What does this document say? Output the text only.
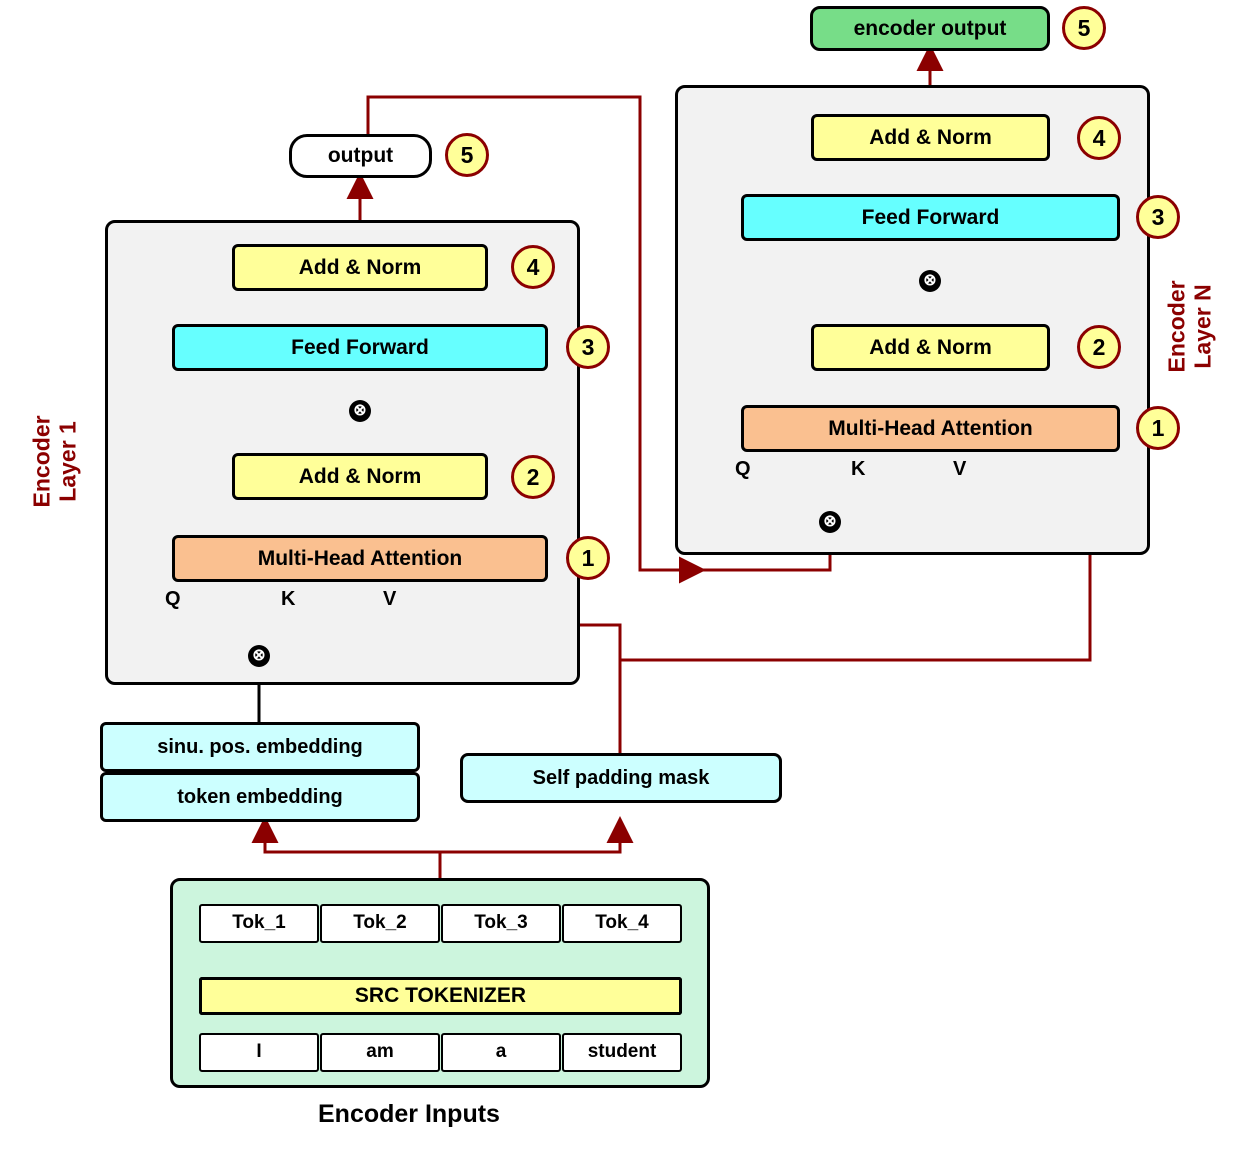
Encoder
Layer 1
output	5
Add & Norm	4
Feed Forward	3
⊗
Add & Norm	2
Multi-Head Attention	1
Q	K	V
⊗
Encoder
Layer N
encoder output	5
Add & Norm	4
Feed Forward	3
⊗
Add & Norm	2
Multi-Head Attention	1
Q	K	V
⊗
sinu. pos. embedding
token embedding
Self padding mask
Tok_1	Tok_2	Tok_3	Tok_4
SRC TOKENIZER
I	am	a	student
Encoder Inputs
